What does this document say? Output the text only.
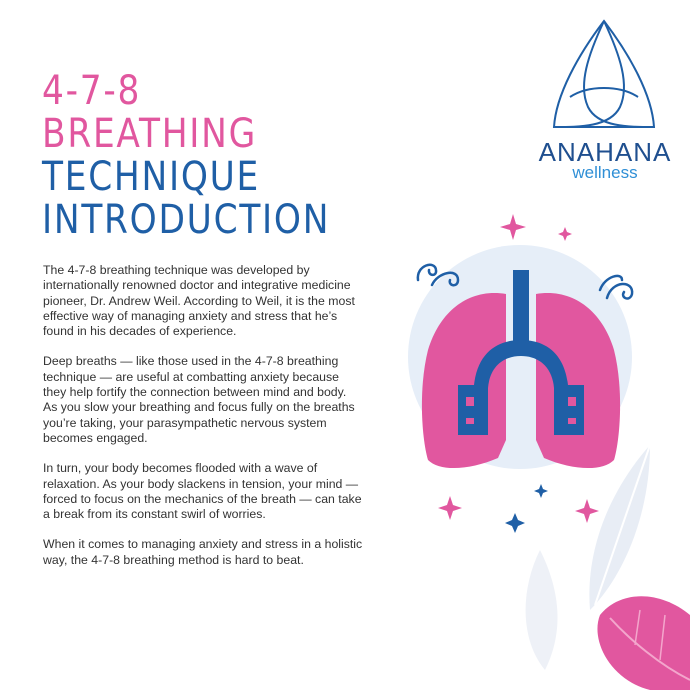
4-7-8
BREATHING
TECHNIQUE
INTRODUCTION
ANAHANA
wellness

The 4-7-8 breathing technique was developed by internationally renowned doctor and integrative medicine pioneer, Dr. Andrew Weil. According to Weil, it is the most effective way of managing anxiety and stress that he’s found in his decades of experience.

Deep breaths — like those used in the 4-7-8 breathing technique — are useful at combatting anxiety because they help fortify the connection between mind and body. As you slow your breathing and focus fully on the breaths you’re taking, your parasympathetic nervous system becomes engaged.

In turn, your body becomes flooded with a wave of relaxation. As your body slackens in tension, your mind — forced to focus on the mechanics of the breath — can take a break from its constant swirl of worries.

When it comes to managing anxiety and stress in a holistic way, the 4-7-8 breathing method is hard to beat.
